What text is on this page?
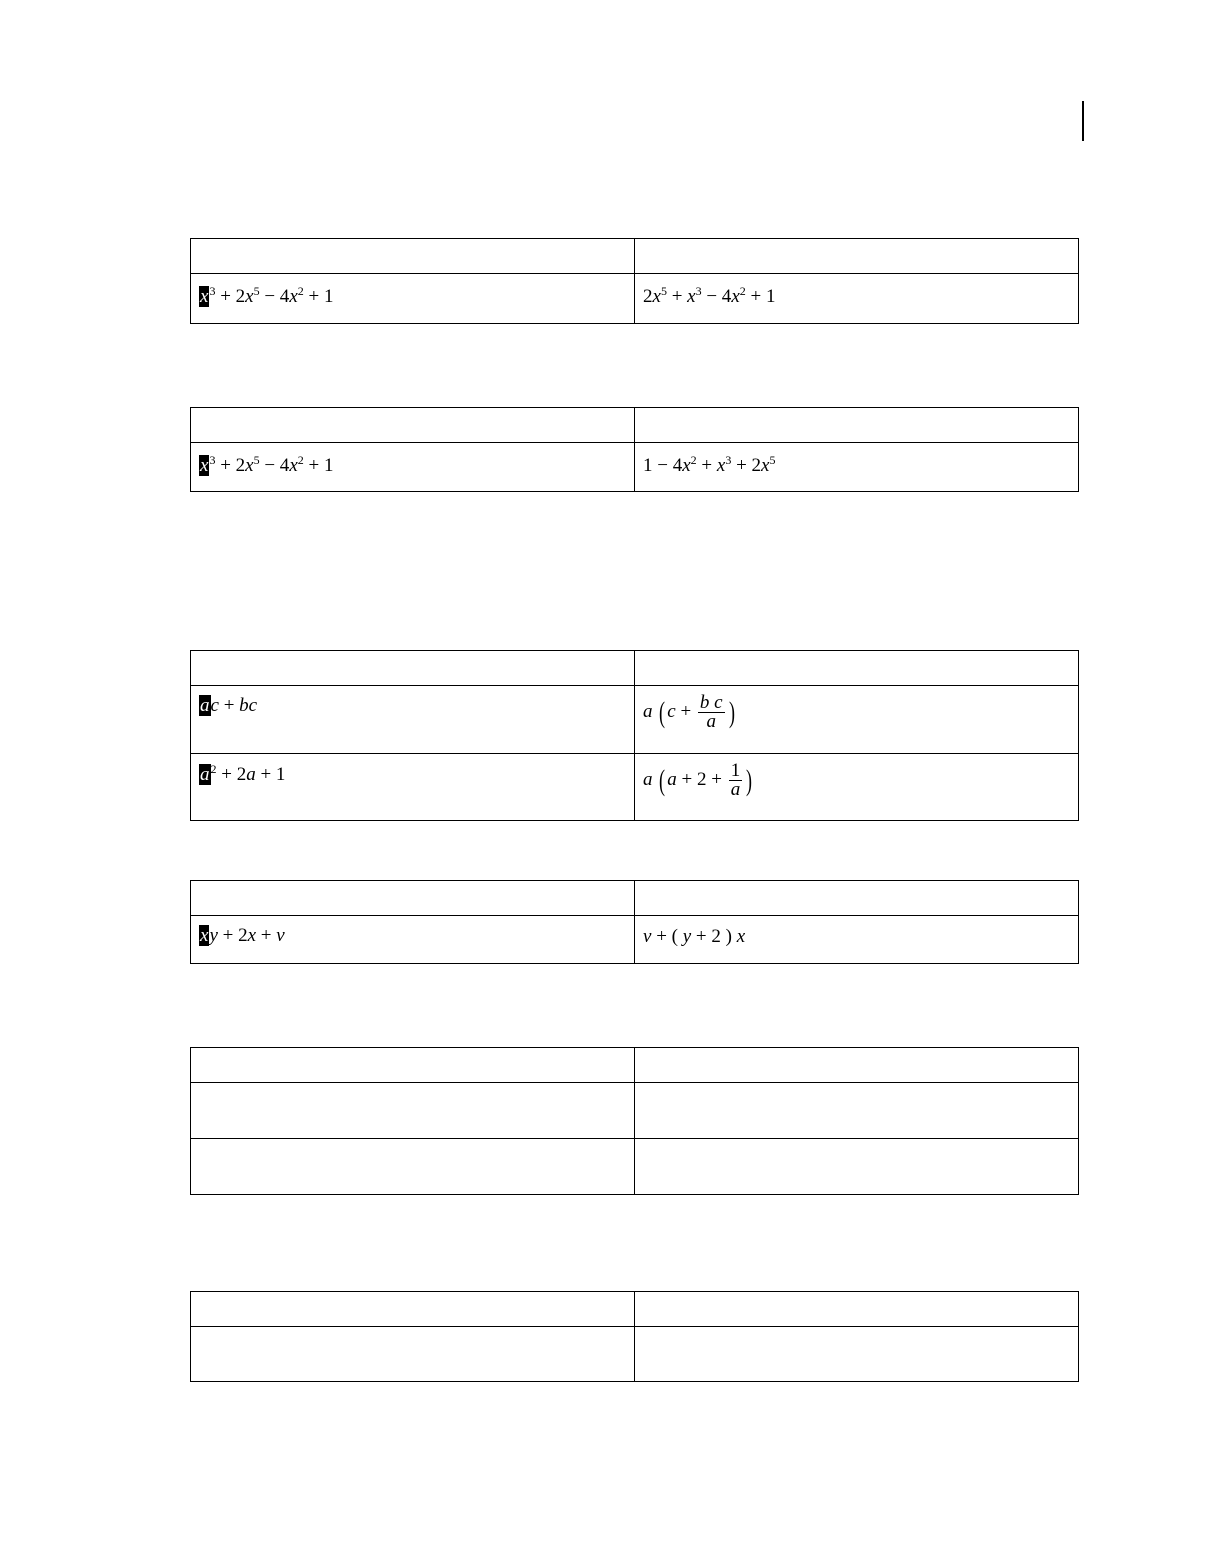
$x^3 + 2x^5 - 4x^2 + 1$	$2x^5 + x^3 - 4x^2 + 1$

$x^3 + 2x^5 - 4x^2 + 1$	$1 - 4x^2 + x^3 + 2x^5$

ac + bc	a ( $c + \frac{\text{b c}}{a}$ )
$a^2 + 2a + 1$	a ( $a + 2 + \frac{1}{a}$ )

xy + 2x + v	v + ( y + 2 ) x
